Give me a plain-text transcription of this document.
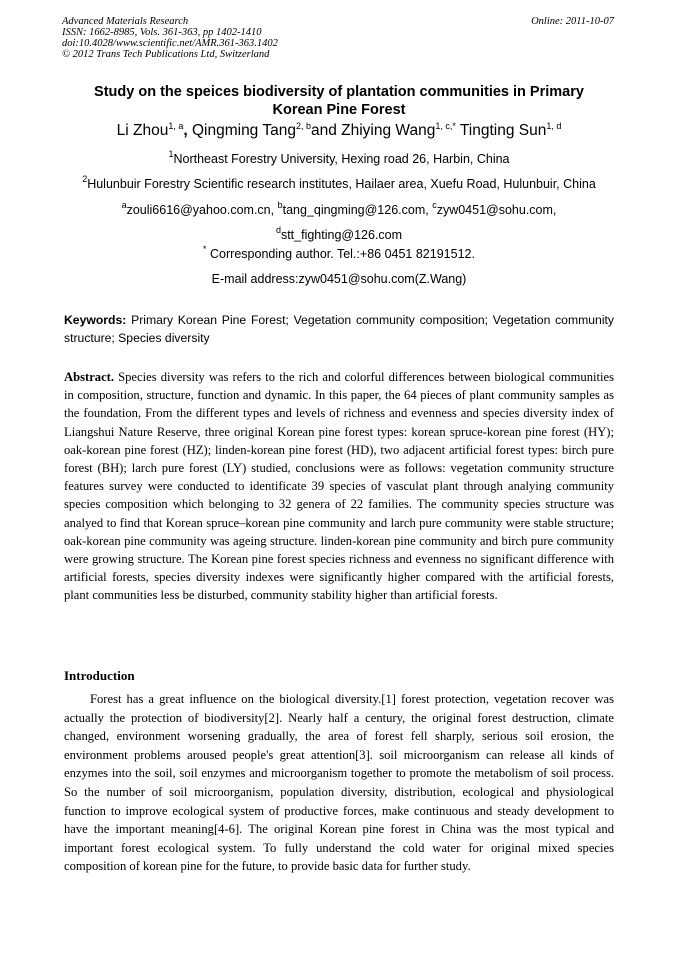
Advanced Materials Research
ISSN: 1662-8985, Vols. 361-363, pp 1402-1410
doi:10.4028/www.scientific.net/AMR.361-363.1402
© 2012 Trans Tech Publications Ltd, Switzerland
Online: 2011-10-07
Study on the speices biodiversity of plantation communities in Primary
Korean Pine Forest
Li Zhou$^{1, a}$, Qingming Tang$^{2, b}$and Zhiying Wang$^{1, c,*}$ Tingting Sun$^{1, d}$
$^1$Northeast Forestry University, Hexing road 26, Harbin, China
$^2$Hulunbuir Forestry Scientific research institutes, Hailaer area, Xuefu Road, Hulunbuir, China
$^a$zouli6616@yahoo.com.cn, $^b$tang_qingming@126.com, $^c$zyw0451@sohu.com,
$^d$stt_fighting@126.com
* Corresponding author. Tel.:+86 0451 82191512.
E-mail address:zyw0451@sohu.com(Z.Wang)
Keywords: Primary Korean Pine Forest; Vegetation community composition; Vegetation community structure; Species diversity
Abstract. Species diversity was refers to the rich and colorful differences between biological communities in composition, structure, function and dynamic. In this paper, the 64 pieces of plant community samples as the foundation, From the different types and levels of richness and evenness and species diversity index of Liangshui Nature Reserve, three original Korean pine forest types: korean spruce-korean pine forest (HY); oak-korean pine forest (HZ); linden-korean pine forest (HD), two adjacent artificial forest types: birch pure forest (BH); larch pure forest (LY) studied, conclusions were as follows: vegetation community structure features survey were conducted to identificate 39 species of vasculat plant through analying community species composition which belonging to 32 genera of 22 families. The community species structure was analyed to find that Korean spruce–korean pine community and larch pure community were stable structure; oak-korean pine community was ageing structure. linden-korean pine community and birch pure community were growing structure. The Korean pine forest species richness and evenness no significant difference with artificial forests, species diversity indexes were significantly higher compared with the artificial forests, plant communities less be disturbed, community stability higher than artificial forests.
Introduction

Forest has a great influence on the biological diversity.[1] forest protection, vegetation recover was actually the protection of biodiversity[2]. Nearly half a century, the original forest destruction, climate changed, environment worsening gradually, the area of forest fell sharply, serious soil erosion, the environment problems aroused people's great attention[3]. soil microorganism can release all kinds of enzymes into the soil, soil enzymes and microorganism together to promote the metabolism of soil process. So the number of soil microorganism, population diversity, distribution, ecological and physiological function to improve ecological system of productive forces, make continuous and steady development to have the important meaning[4-6]. The original Korean pine forest in China was the most typical and important forest ecological system. To fully understand the cold water for original mixed species composition of korean pine for the future, to provide basic data for further study.
